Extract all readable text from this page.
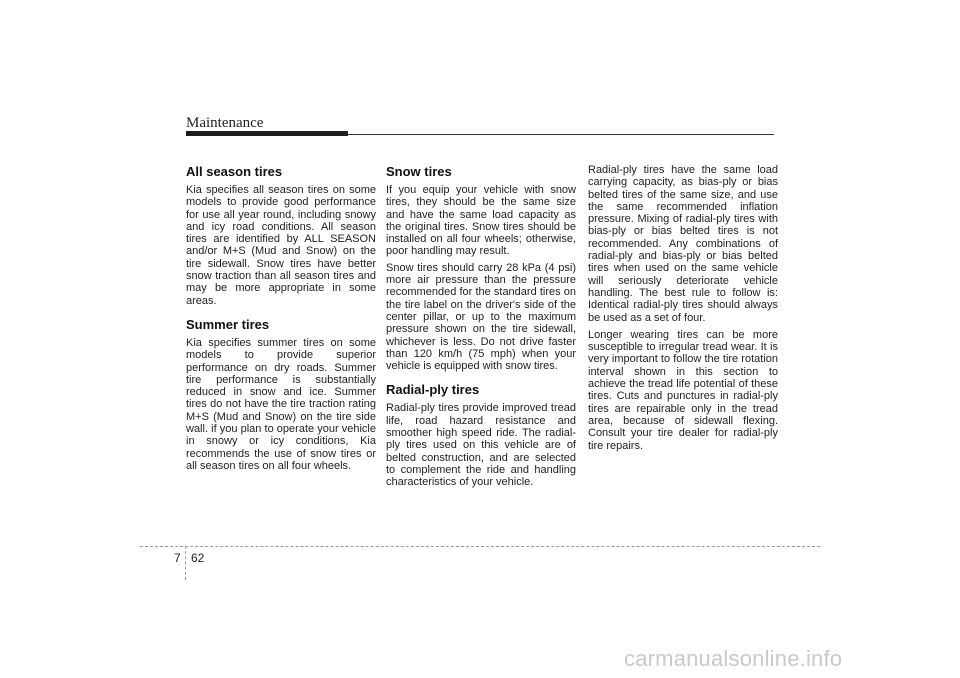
Maintenance
All season tires

Kia specifies all season tires on some models to provide good performance for use all year round, including snowy and icy road conditions. All season tires are identified by ALL SEASON and/or M+S (Mud and Snow) on the tire sidewall. Snow tires have better snow traction than all season tires and may be more appropriate in some areas.

Summer tires

Kia specifies summer tires on some models to provide superior performance on dry roads. Summer tire performance is substantially reduced in snow and ice. Summer tires do not have the tire traction rating M+S (Mud and Snow) on the tire side wall. if you plan to operate your vehicle in snowy or icy conditions, Kia recommends the use of snow tires or all season tires on all four wheels.

Snow tires

If you equip your vehicle with snow tires, they should be the same size and have the same load capacity as the original tires. Snow tires should be installed on all four wheels; otherwise, poor handling may result.

Snow tires should carry 28 kPa (4 psi) more air pressure than the pressure recommended for the standard tires on the tire label on the driver's side of the center pillar, or up to the maximum pressure shown on the tire sidewall, whichever is less. Do not drive faster than 120 km/h (75 mph) when your vehicle is equipped with snow tires.

Radial-ply tires

Radial-ply tires provide improved tread life, road hazard resistance and smoother high speed ride. The radial-ply tires used on this vehicle are of belted construction, and are selected to complement the ride and handling characteristics of your vehicle.

Radial-ply tires have the same load carrying capacity, as bias-ply or bias belted tires of the same size, and use the same recommended inflation pressure. Mixing of radial-ply tires with bias-ply or bias belted tires is not recommended. Any combinations of radial-ply and bias-ply or bias belted tires when used on the same vehicle will seriously deteriorate vehicle handling. The best rule to follow is: Identical radial-ply tires should always be used as a set of four.

Longer wearing tires can be more susceptible to irregular tread wear. It is very important to follow the tire rotation interval shown in this section to achieve the tread life potential of these tires. Cuts and punctures in radial-ply tires are repairable only in the tread area, because of sidewall flexing. Consult your tire dealer for radial-ply tire repairs.

7 62
carmanualsonline.info
